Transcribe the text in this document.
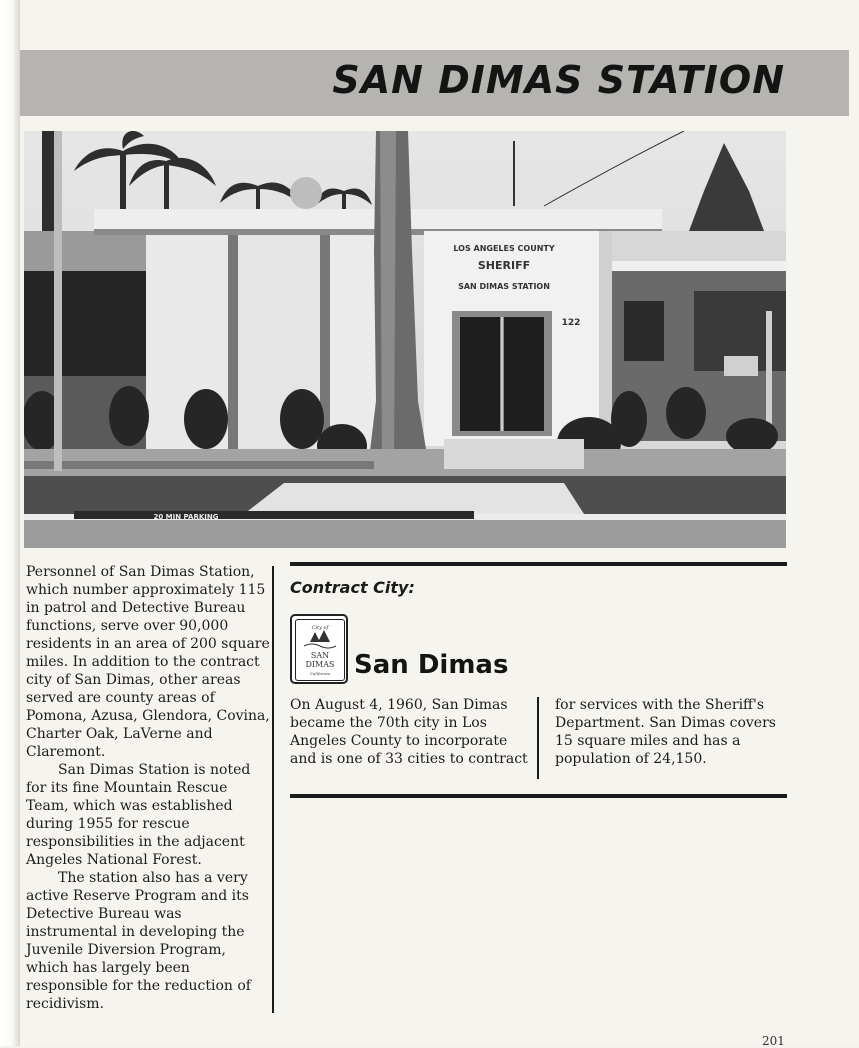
SAN DIMAS STATION
LOS ANGELES COUNTY
SHERIFF
SAN DIMAS STATION
122
20 MIN PARKING

Personnel of San Dimas Station, which number approximately 115 in patrol and Detective Bureau functions, serve over 90,000 residents in an area of 200 square miles. In addition to the contract city of San Dimas, other areas served are county areas of Pomona, Azusa, Glendora, Covina, Charter Oak, LaVerne and Claremont.

San Dimas Station is noted for its fine Mountain Rescue Team, which was established during 1955 for rescue responsibilities in the adjacent Angeles National Forest.

The station also has a very active Reserve Program and its Detective Bureau was instrumental in developing the Juvenile Diversion Program, which has largely been responsible for the reduction of recidivism.

Contract City:
City of
SAN
DIMAS
California San Dimas

On August 4, 1960, San Dimas became the 70th city in Los Angeles County to incorporate and is one of 33 cities to contract

for services with the Sheriff's Department. San Dimas covers 15 square miles and has a population of 24,150.

201
